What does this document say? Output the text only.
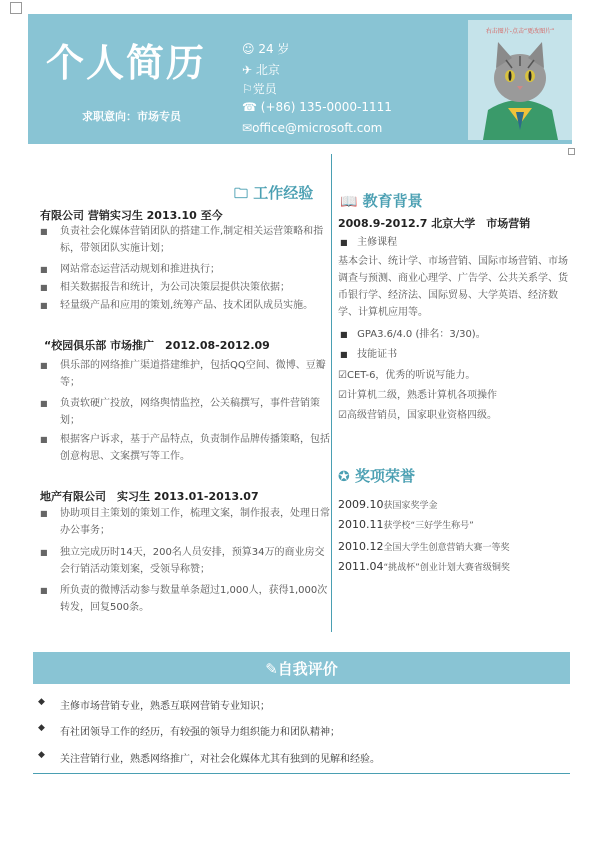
个人简历
求职意向：市场专员
☺ 24 岁
✈ 北京
⚐党员
☎ (+86) 135-0000-1111
✉office@microsoft.com
右击图片-点击“更改图片”
🗀 工作经验
有限公司 营销实习生 2013.10 至今
■ 负责社会化媒体营销团队的搭建工作,制定相关运营策略和指标，带领团队实施计划；
■ 网站常态运营活动规划和推进执行；
■ 相关数据报告和统计，为公司决策层提供决策依据；
■ 轻量级产品和应用的策划,统筹产品、技术团队成员实施。
“校园俱乐部 市场推广　2012.08-2012.09
■ 俱乐部的网络推广渠道搭建维护，包括QQ空间、微博、豆瓣等；
■ 负责软硬广投放，网络舆情监控，公关稿撰写，事件营销策划；
■ 根据客户诉求，基于产品特点，负责制作品牌传播策略，包括创意构思、文案撰写等工作。
地产有限公司　实习生 2013.01-2013.07
■ 协助项目主策划的策划工作，梳理文案，制作报表，处理日常办公事务；
■ 独立完成历时14天，200名人员安排，预算34万的商业房交会行销活动策划案，受领导称赞；
■ 所负责的微博活动参与数量单条超过1,000人，获得1,000次转发，回复500条。
📖 教育背景
2008.9-2012.7 北京大学　市场营销
■ 主修课程
基本会计、统计学、市场营销、国际市场营销、市场调查与预测、商业心理学、广告学、公共关系学、货币银行学、经济法、国际贸易、大学英语、经济数学、计算机应用等。
■ GPA3.6/4.0 (排名：3/30)。
■ 技能证书
☑CET-6，优秀的听说写能力。
☑计算机二级，熟悉计算机各项操作
☑高级营销员，国家职业资格四级。
✪ 奖项荣誉
2009.10获国家奖学金
2010.11获学校“三好学生称号”
2010.12全国大学生创意营销大赛一等奖
2011.04“挑战杯”创业计划大赛省级铜奖
✎自我评价
◆ 主修市场营销专业，熟悉互联网营销专业知识；
◆ 有社团领导工作的经历，有较强的领导力组织能力和团队精神；
◆ 关注营销行业，熟悉网络推广，对社会化媒体尤其有独到的见解和经验。
